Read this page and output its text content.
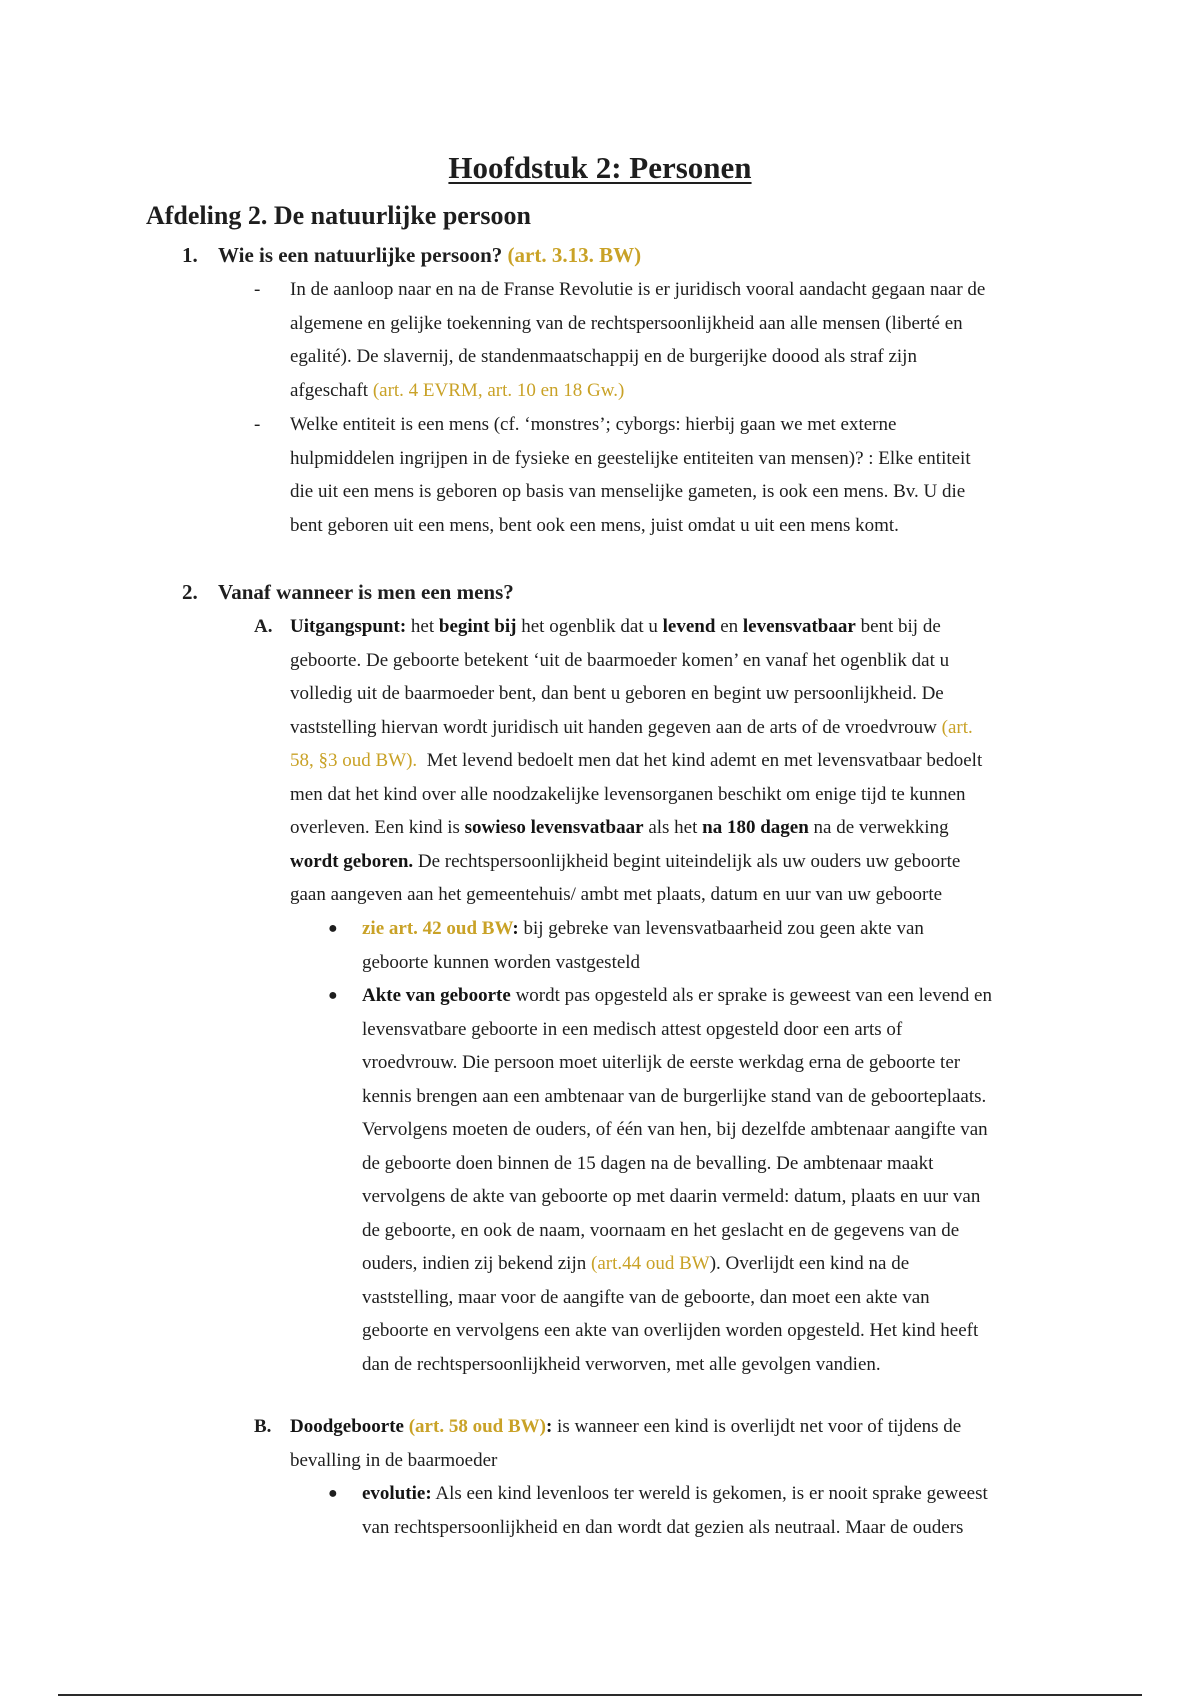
Hoofdstuk 2: Personen
Afdeling 2. De natuurlijke persoon
1. Wie is een natuurlijke persoon? (art. 3.13. BW)
- In de aanloop naar en na de Franse Revolutie is er juridisch vooral aandacht gegaan naar de
algemene en gelijke toekenning van de rechtspersoonlijkheid aan alle mensen (liberté en
egalité). De slavernij, de standenmaatschappij en de burgerijke doood als straf zijn
afgeschaft (art. 4 EVRM, art. 10 en 18 Gw.)
- Welke entiteit is een mens (cf. ‘monstres’; cyborgs: hierbij gaan we met externe
hulpmiddelen ingrijpen in de fysieke en geestelijke entiteiten van mensen)? : Elke entiteit
die uit een mens is geboren op basis van menselijke gameten, is ook een mens. Bv. U die
bent geboren uit een mens, bent ook een mens, juist omdat u uit een mens komt.
2. Vanaf wanneer is men een mens?
A. Uitgangspunt: het begint bij het ogenblik dat u levend en levensvatbaar bent bij de
geboorte. De geboorte betekent ‘uit de baarmoeder komen’ en vanaf het ogenblik dat u
volledig uit de baarmoeder bent, dan bent u geboren en begint uw persoonlijkheid. De
vaststelling hiervan wordt juridisch uit handen gegeven aan de arts of de vroedvrouw (art.
58, §3 oud BW). Met levend bedoelt men dat het kind ademt en met levensvatbaar bedoelt
men dat het kind over alle noodzakelijke levensorganen beschikt om enige tijd te kunnen
overleven. Een kind is sowieso levensvatbaar als het na 180 dagen na de verwekking
wordt geboren. De rechtspersoonlijkheid begint uiteindelijk als uw ouders uw geboorte
gaan aangeven aan het gemeentehuis/ ambt met plaats, datum en uur van uw geboorte
● zie art. 42 oud BW: bij gebreke van levensvatbaarheid zou geen akte van
geboorte kunnen worden vastgesteld
● Akte van geboorte wordt pas opgesteld als er sprake is geweest van een levend en
levensvatbare geboorte in een medisch attest opgesteld door een arts of
vroedvrouw. Die persoon moet uiterlijk de eerste werkdag erna de geboorte ter
kennis brengen aan een ambtenaar van de burgerlijke stand van de geboorteplaats.
Vervolgens moeten de ouders, of één van hen, bij dezelfde ambtenaar aangifte van
de geboorte doen binnen de 15 dagen na de bevalling. De ambtenaar maakt
vervolgens de akte van geboorte op met daarin vermeld: datum, plaats en uur van
de geboorte, en ook de naam, voornaam en het geslacht en de gegevens van de
ouders, indien zij bekend zijn (art.44 oud BW). Overlijdt een kind na de
vaststelling, maar voor de aangifte van de geboorte, dan moet een akte van
geboorte en vervolgens een akte van overlijden worden opgesteld. Het kind heeft
dan de rechtspersoonlijkheid verworven, met alle gevolgen vandien.
B. Doodgeboorte (art. 58 oud BW): is wanneer een kind is overlijdt net voor of tijdens de
bevalling in de baarmoeder
● evolutie: Als een kind levenloos ter wereld is gekomen, is er nooit sprake geweest
van rechtspersoonlijkheid en dan wordt dat gezien als neutraal. Maar de ouders
